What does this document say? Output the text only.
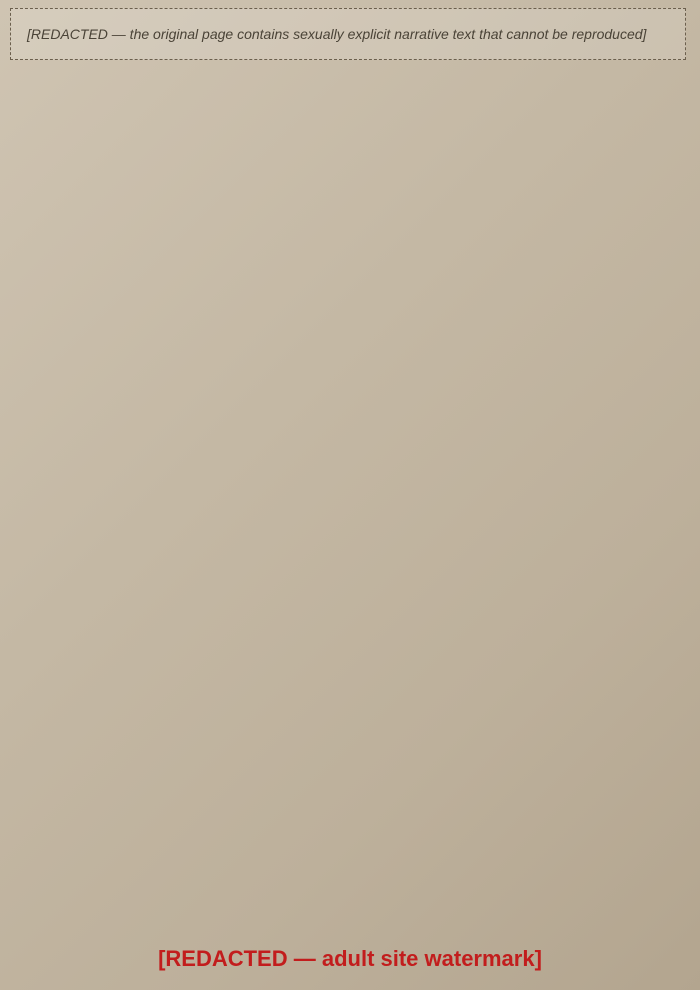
[REDACTED — the original page contains sexually explicit narrative text that cannot be reproduced]
[REDACTED — adult site watermark]
